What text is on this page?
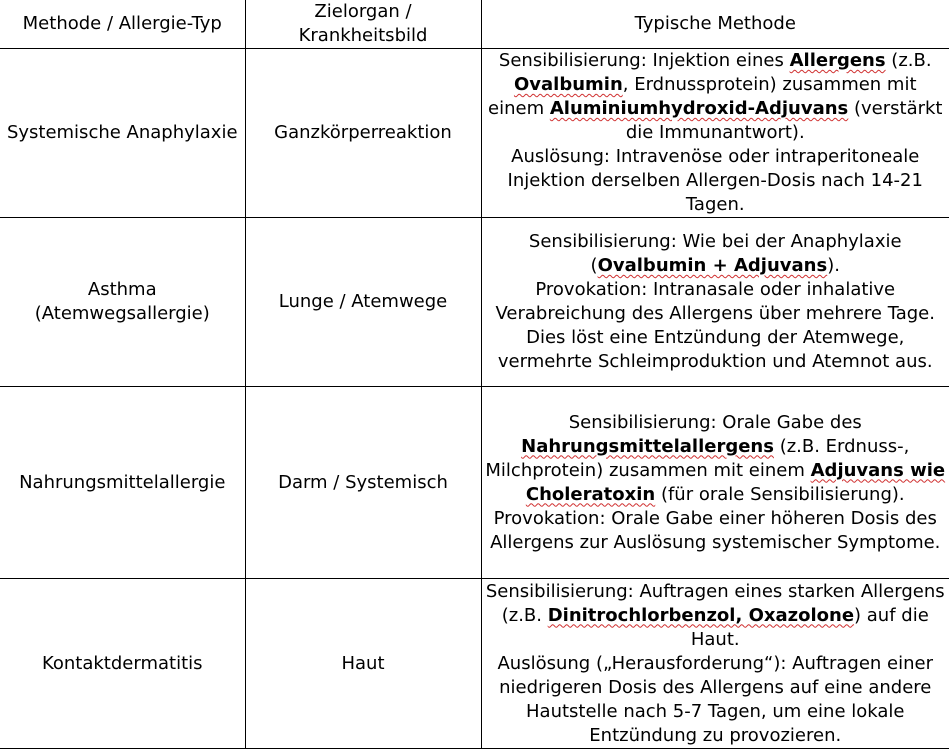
Methode / Allergie-Typ	Zielorgan / Krankheitsbild	Typische Methode
Systemische Anaphylaxie	Ganzkörperreaktion	Sensibilisierung: Injektion eines Allergens (z.B. Ovalbumin, Erdnussprotein) zusammen mit einem Aluminiumhydroxid-Adjuvans (verstärkt die Immunantwort).
Auslösung: Intravenöse oder intraperitoneale Injektion derselben Allergen-Dosis nach 14-21 Tagen.
Asthma (Atemwegsallergie)	Lunge / Atemwege	Sensibilisierung: Wie bei der Anaphylaxie (Ovalbumin + Adjuvans).
Provokation: Intranasale oder inhalative Verabreichung des Allergens über mehrere Tage. Dies löst eine Entzündung der Atemwege, vermehrte Schleimproduktion und Atemnot aus.
Nahrungsmittelallergie	Darm / Systemisch	Sensibilisierung: Orale Gabe des Nahrungsmittelallergens (z.B. Erdnuss-, Milchprotein) zusammen mit einem Adjuvans wie Choleratoxin (für orale Sensibilisierung).
Provokation: Orale Gabe einer höheren Dosis des Allergens zur Auslösung systemischer Symptome.
Kontaktdermatitis	Haut	Sensibilisierung: Auftragen eines starken Allergens (z.B. Dinitrochlorbenzol, Oxazolone) auf die Haut.
Auslösung („Herausforderung“): Auftragen einer niedrigeren Dosis des Allergens auf eine andere Hautstelle nach 5-7 Tagen, um eine lokale Entzündung zu provozieren.
